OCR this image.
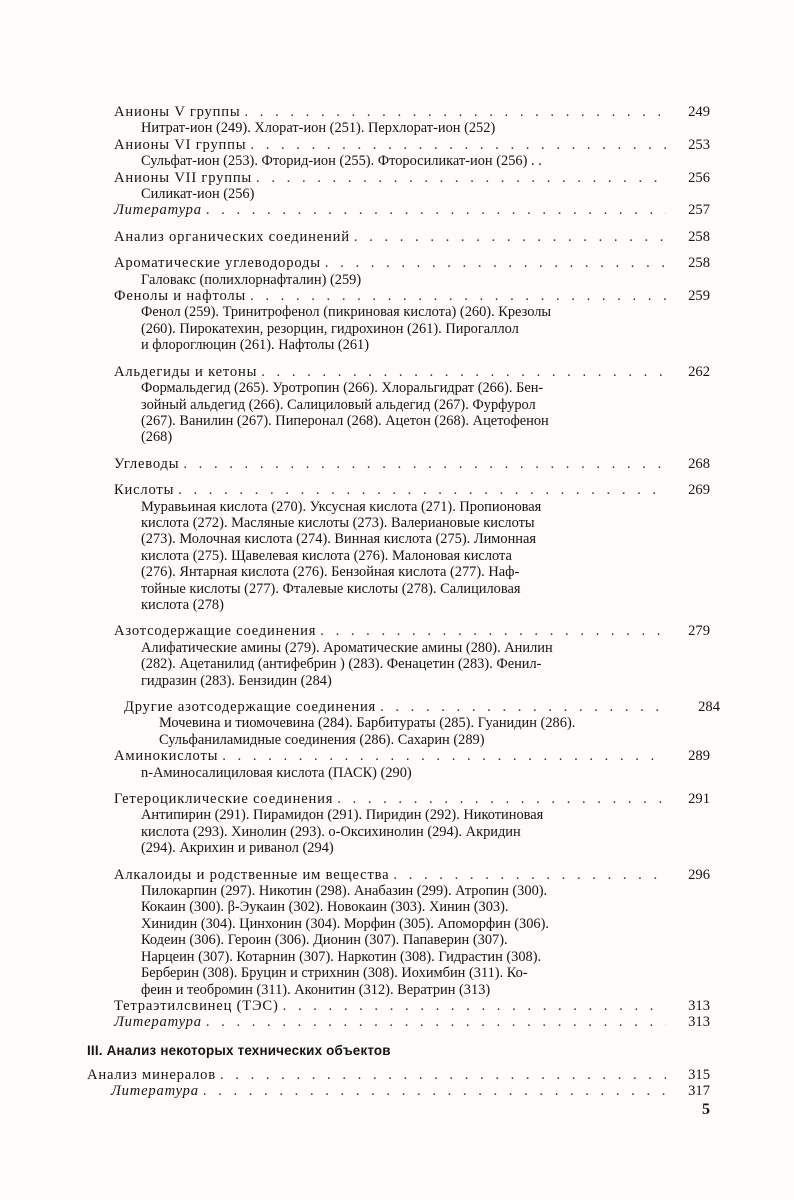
Анионы V группы . . .	249
Нитрат-ион (249). Хлорат-ион (251). Перхлорат-ион (252)
Анионы VI группы . . .	253
Сульфат-ион (253). Фторид-ион (255). Фторосиликат-ион (256) . .
Анионы VII группы . . .	256
Силикат-ион (256)
Литература . . .	257
Анализ органических соединений . . .	258
Ароматические углеводороды . . .	258
Галовакс (полихлорнафталин) (259)
Фенолы и нафтолы . . .	259
Фенол (259). Тринитрофенол (пикриновая кислота) (260). Крезолы
(260). Пирокатехин, резорцин, гидрохинон (261). Пирогаллол
и флороглюцин (261). Нафтолы (261)
Альдегиды и кетоны . . .	262
Формальдегид (265). Уротропин (266). Хлоральгидрат (266). Бен-
зойный альдегид (266). Салициловый альдегид (267). Фурфурол
(267). Ванилин (267). Пиперонал (268). Ацетон (268). Ацетофенон
(268)
Углеводы . . .	268
Кислоты . . .	269
Муравьиная кислота (270). Уксусная кислота (271). Пропионовая
кислота (272). Масляные кислоты (273). Валериановые кислоты
(273). Молочная кислота (274). Винная кислота (275). Лимонная
кислота (275). Щавелевая кислота (276). Малоновая кислота
(276). Янтарная кислота (276). Бензойная кислота (277). Наф-
тойные кислоты (277). Фталевые кислоты (278). Салициловая
кислота (278)
Азотсодержащие соединения . . .	279
Алифатические амины (279). Ароматические амины (280). Анилин
(282). Ацетанилид (антифебрин ) (283). Фенацетин (283). Фенил-
гидразин (283). Бензидин (284)
Другие азотсодержащие соединения . . .	284
Мочевина и тиомочевина (284). Барбитураты (285). Гуанидин (286).
Сульфаниламидные соединения (286). Сахарин (289)
Аминокислоты . . .	289
n-Аминосалициловая кислота (ПАСК) (290)
Гетероциклические соединения . . .	291
Антипирин (291). Пирамидон (291). Пиридин (292). Никотиновая
кислота (293). Хинолин (293). о-Оксихинолин (294). Акридин
(294). Акрихин и риванол (294)
Алкалоиды и родственные им вещества . . .	296
Пилокарпин (297). Никотин (298). Анабазин (299). Атропин (300).
Кокаин (300). β-Эукаин (302). Новокаин (303). Хинин (303).
Хинидин (304). Цинхонин (304). Морфин (305). Апоморфин (306).
Кодеин (306). Героин (306). Дионин (307). Папаверин (307).
Нарцеин (307). Котарнин (307). Наркотин (308). Гидрастин (308).
Берберин (308). Бруцин и стрихнин (308). Иохимбин (311). Ко-
феин и теобромин (311). Аконитин (312). Вератрин (313)
Тетраэтилсвинец (ТЭС) . . .	313
Литература . . .	313
III. Анализ некоторых технических объектов
Анализ минералов . . .	315
Литература . . .	317
5
